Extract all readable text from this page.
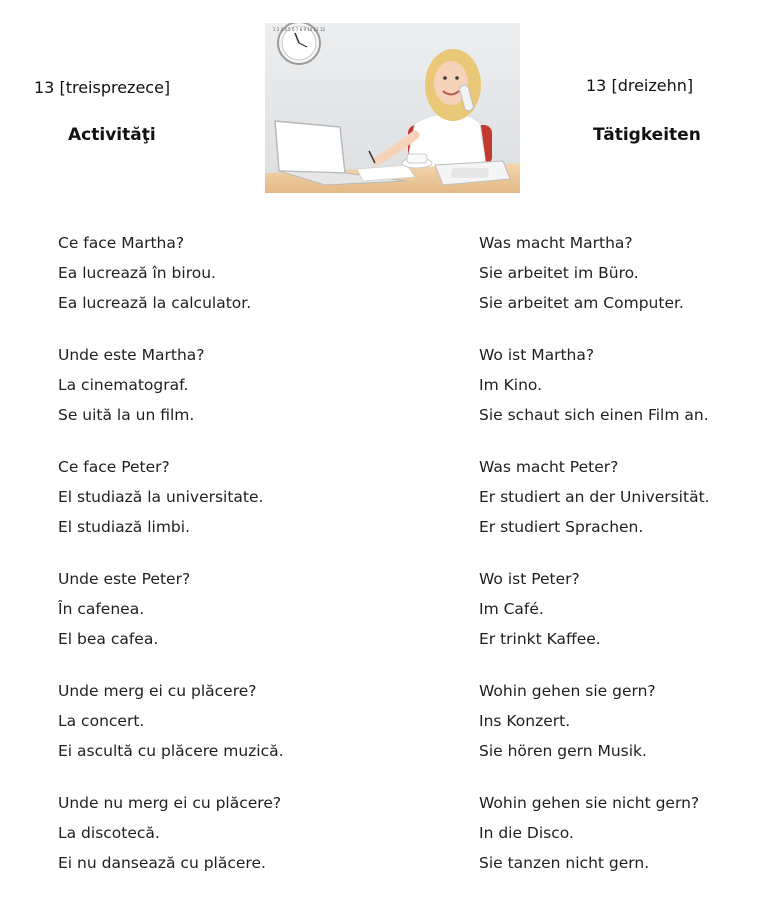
13 [treisprezece]
Activităţi
13 [dreizehn]
Tätigkeiten
1 2 3 4 5 6 7 8 9 10 11 12
Ce face Martha?
Ea lucrează în birou.
Ea lucrează la calculator.
Unde este Martha?
La cinematograf.
Se uită la un film.
Ce face Peter?
El studiază la universitate.
El studiază limbi.
Unde este Peter?
În cafenea.
El bea cafea.
Unde merg ei cu plăcere?
La concert.
Ei ascultă cu plăcere muzică.
Unde nu merg ei cu plăcere?
La discotecă.
Ei nu dansează cu plăcere.
Was macht Martha?
Sie arbeitet im Büro.
Sie arbeitet am Computer.
Wo ist Martha?
Im Kino.
Sie schaut sich einen Film an.
Was macht Peter?
Er studiert an der Universität.
Er studiert Sprachen.
Wo ist Peter?
Im Café.
Er trinkt Kaffee.
Wohin gehen sie gern?
Ins Konzert.
Sie hören gern Musik.
Wohin gehen sie nicht gern?
In die Disco.
Sie tanzen nicht gern.
